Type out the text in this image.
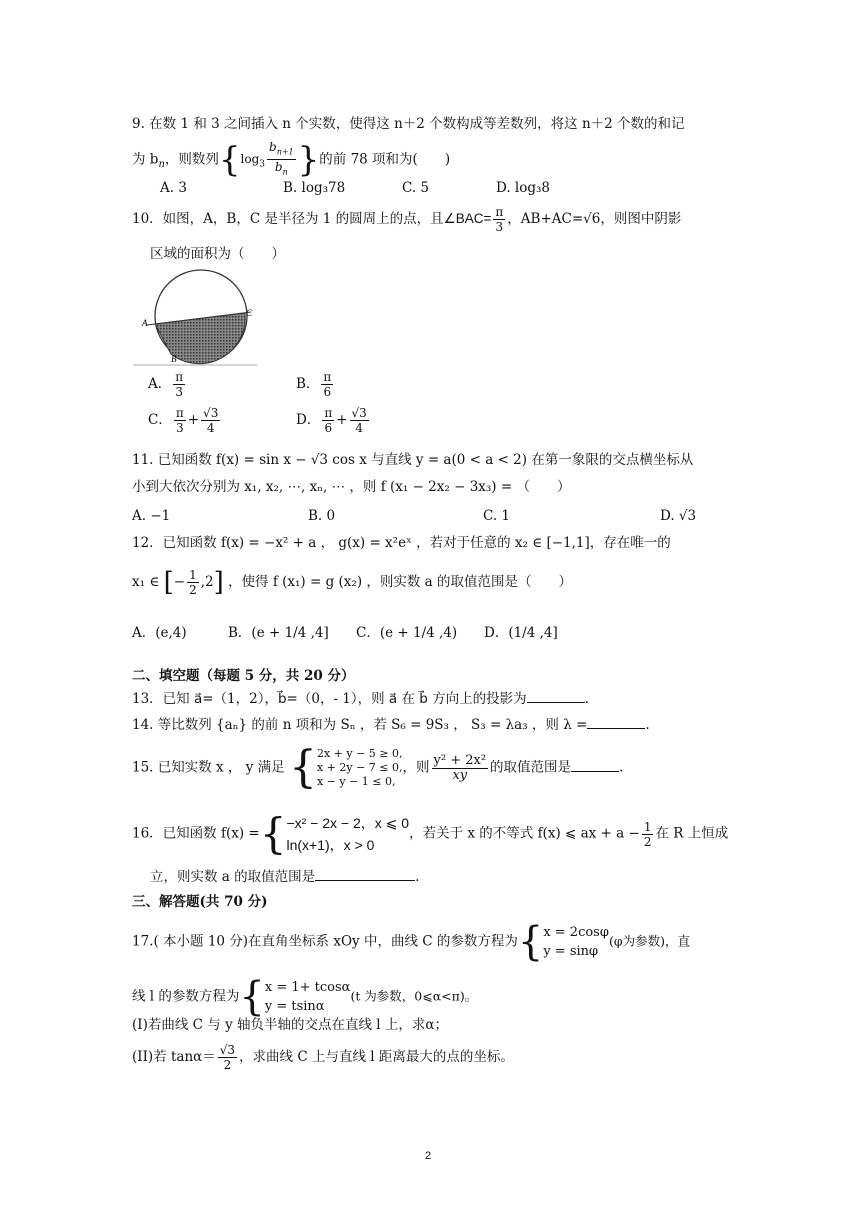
9. 在数 1 和 3 之间插入 n 个实数，使得这 n＋2 个数构成等差数列，将这 n＋2 个数的和记
为 $b_n$，则数列{$\log_3 \frac{b_{n+1}}{b_n}$ }的前 78 项和为(　　)
A. 3	B. log₃78	C. 5	D. log₃8
10．如图，A，B，C 是半径为 1 的圆周上的点，且∠BAC= $\frac{\pi}{3}$ ，AB+AC=√6，则图中阴影
区域的面积为（　　）
A
B
C
A． $\frac{\pi}{3}$	B． $\frac{\pi}{6}$
C． $\frac{\pi}{3} + \frac{√3}{4}$	D． $\frac{\pi}{6} + \frac{√3}{4}$
11. 已知函数 f(x) = sin x − √3 cos x 与直线 y = a(0 < a < 2) 在第一象限的交点横坐标从
小到大依次分别为 x₁, x₂, ⋯, xₙ, ⋯ ，则 f (x₁ − 2x₂ − 3x₃) = （　　）
A. −1	B. 0	C. 1	D. √3
12．已知函数 f(x) = −x² + a ， g(x) = x²eˣ ，若对于任意的 x₂ ∈ [−1,1]，存在唯一的
x₁ ∈ [− $\frac{1}{2} ,2$] ，使得 f (x₁) = g (x₂) ，则实数 a 的取值范围是（　　）
A．(e,4)	B．(e + 1/4 ,4] C．(e + 1/4 ,4) D．(1/4 ,4]
二、填空题（每题 5 分，共 20 分）
13．已知 a⃗=（1，2），b⃗=（0，- 1），则 a⃗ 在 b⃗ 方向上的投影为	.
14. 等比数列 {aₙ} 的前 n 项和为 Sₙ ，若 S₆ = 9S₃ ， S₃ = λa₃ ，则 λ =	.
15. 已知实数 x ， y 满足 { 2x + y − 5 ≥ 0,
x + 2y − 7 ≤ 0,
x − y − 1 ≤ 0,
，则 $\frac{\text{y² + 2x²}}{xy}$ 的取值范围是	.
16．已知函数 f(x) ={ −x² − 2x − 2，x ⩽ 0
ln(x+1)，x > 0
，若关于 x 的不等式 f(x) ⩽ ax + $a - \frac{1}{2}$ 在 R 上恒成
立，则实数 a 的取值范围是	.
三、解答题(共 70 分)
17.( 本小题 10 分)在直角坐标系 xOy 中，曲线 C 的参数方程为{ x = 2cosφ
y = sinφ
(φ为参数)，直
线 l 的参数方程为{ x = 1+ tcosα
y = tsinα
(t 为参数，0⩽α<π)。
(I)若曲线 C 与 y 轴负半轴的交点在直线 l 上，求α；
(II)若 $\tan\alpha= \frac{√3}{2}$ ，求曲线 C 上与直线 l 距离最大的点的坐标。
2
